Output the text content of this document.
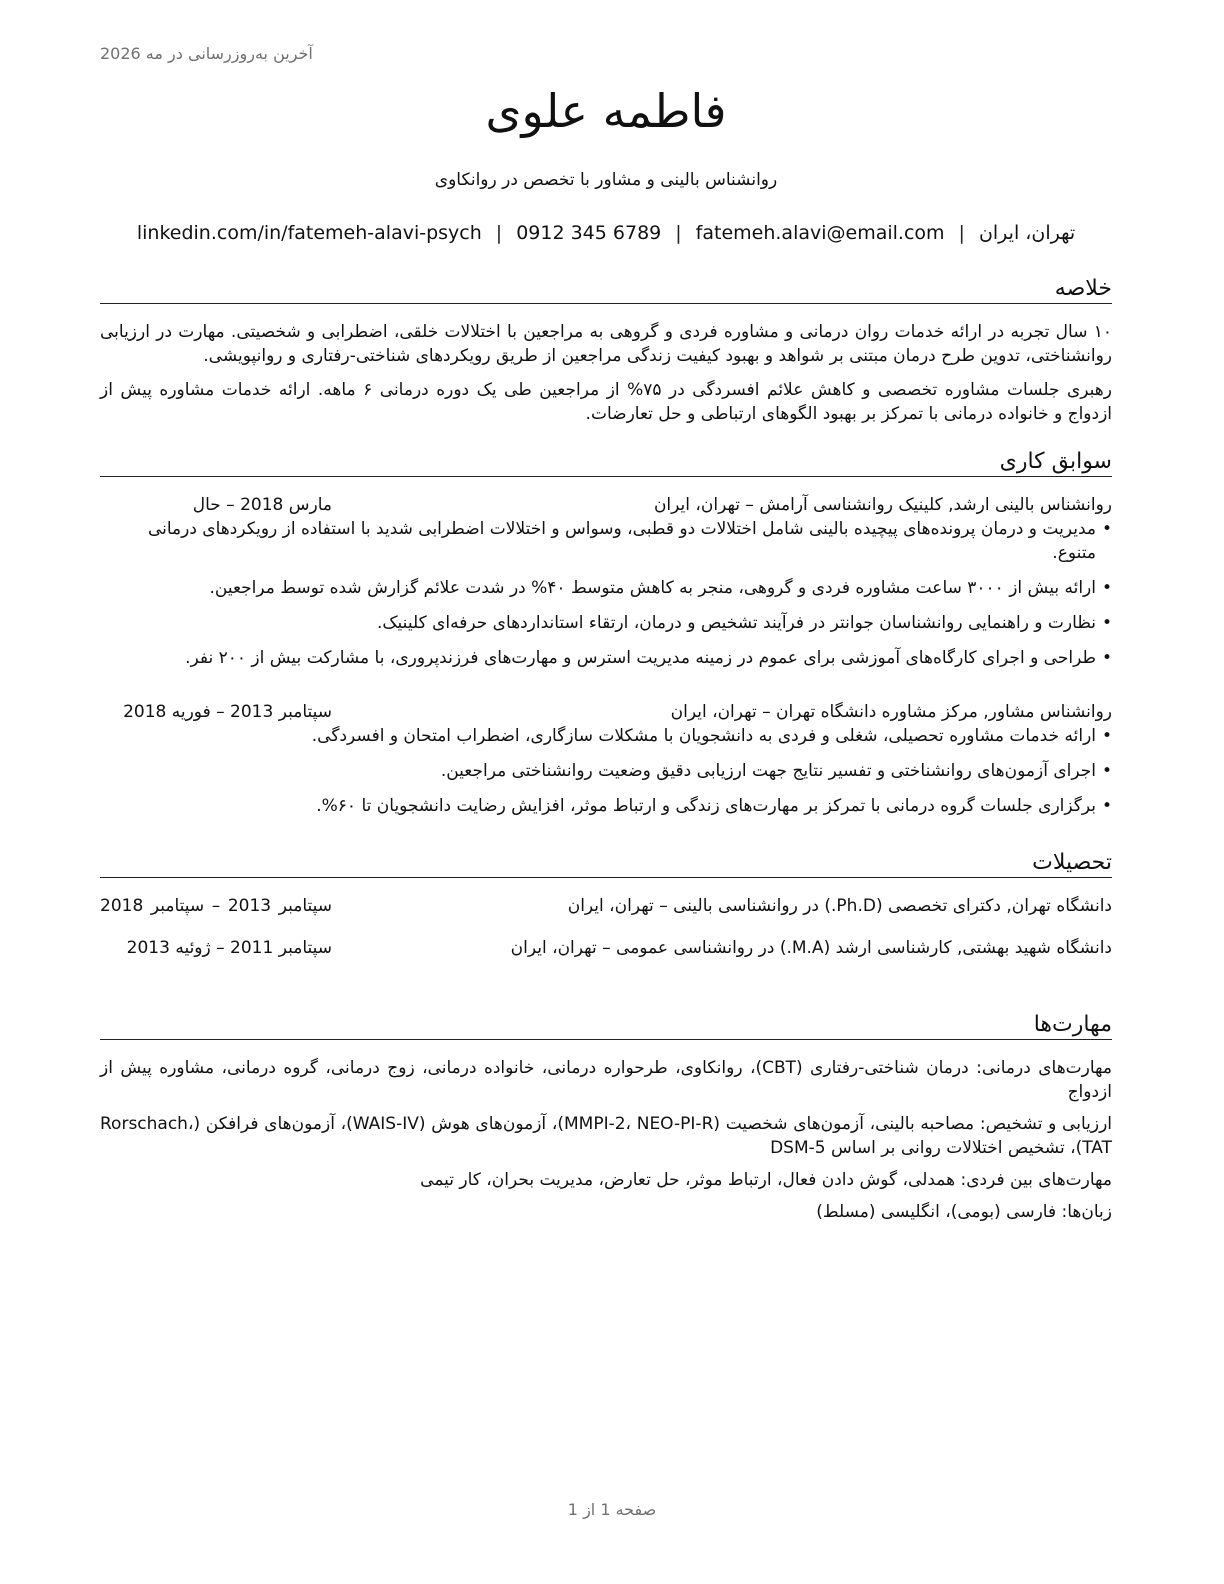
آخرین به‌روزرسانی در مه 2026
فاطمه علوی
روانشناس بالینی و مشاور با تخصص در روانکاوی
تهران، ایران|fatemeh.alavi@email.com|0912 345 6789|linkedin.com/in/fatemeh-alavi-psych
خلاصه

۱۰ سال تجربه در ارائه خدمات روان درمانی و مشاوره فردی و گروهی به مراجعین با اختلالات خلقی، اضطرابی و شخصیتی. مهارت در ارزیابی روانشناختی، تدوین طرح درمان مبتنی بر شواهد و بهبود کیفیت زندگی مراجعین از طریق رویکردهای شناختی-رفتاری و روانپویشی.

رهبری جلسات مشاوره تخصصی و کاهش علائم افسردگی در ۷۵% از مراجعین طی یک دوره درمانی ۶ ماهه. ارائه خدمات مشاوره پیش از ازدواج و خانواده درمانی با تمرکز بر بهبود الگوهای ارتباطی و حل تعارضات.

سوابق کاری
روانشناس بالینی ارشد, کلینیک روانشناسی آرامش – تهران، ایران
مارس 2018 – حال
• مدیریت و درمان پرونده‌های پیچیده بالینی شامل اختلالات دو قطبی، وسواس و اختلالات اضطرابی شدید با استفاده از رویکردهای درمانی متنوع.
• ارائه بیش از ۳۰۰۰ ساعت مشاوره فردی و گروهی، منجر به کاهش متوسط ۴۰% در شدت علائم گزارش شده توسط مراجعین.
• نظارت و راهنمایی روانشناسان جوانتر در فرآیند تشخیص و درمان، ارتقاء استانداردهای حرفه‌ای کلینیک.
• طراحی و اجرای کارگاه‌های آموزشی برای عموم در زمینه مدیریت استرس و مهارت‌های فرزندپروری، با مشارکت بیش از ۲۰۰ نفر.
روانشناس مشاور, مرکز مشاوره دانشگاه تهران – تهران، ایران
سپتامبر 2013 – فوریه 2018
• ارائه خدمات مشاوره تحصیلی، شغلی و فردی به دانشجویان با مشکلات سازگاری، اضطراب امتحان و افسردگی.
• اجرای آزمون‌های روانشناختی و تفسیر نتایج جهت ارزیابی دقیق وضعیت روانشناختی مراجعین.
• برگزاری جلسات گروه درمانی با تمرکز بر مهارت‌های زندگی و ارتباط موثر، افزایش رضایت دانشجویان تا ۶۰%.
تحصیلات
دانشگاه تهران, دکترای تخصصی (Ph.D.) در روانشناسی بالینی – تهران، ایران
سپتامبر 2013 – سپتامبر 2018
دانشگاه شهید بهشتی, کارشناسی ارشد (M.A.) در روانشناسی عمومی – تهران، ایران
سپتامبر 2011 – ژوئیه 2013
مهارت‌ها

مهارت‌های درمانی: درمان شناختی-رفتاری (CBT)، روانکاوی، طرحواره درمانی، خانواده درمانی، زوج درمانی، گروه درمانی، مشاوره پیش از ازدواج

ارزیابی و تشخیص: مصاحبه بالینی، آزمون‌های شخصیت (MMPI-2، NEO-PI-R)، آزمون‌های هوش (WAIS-IV)، آزمون‌های فرافکن (Rorschach، TAT)، تشخیص اختلالات روانی بر اساس DSM-5

مهارت‌های بین فردی: همدلی، گوش دادن فعال، ارتباط موثر، حل تعارض، مدیریت بحران، کار تیمی

زبان‌ها: فارسی (بومی)، انگلیسی (مسلط)

صفحه 1 از 1
